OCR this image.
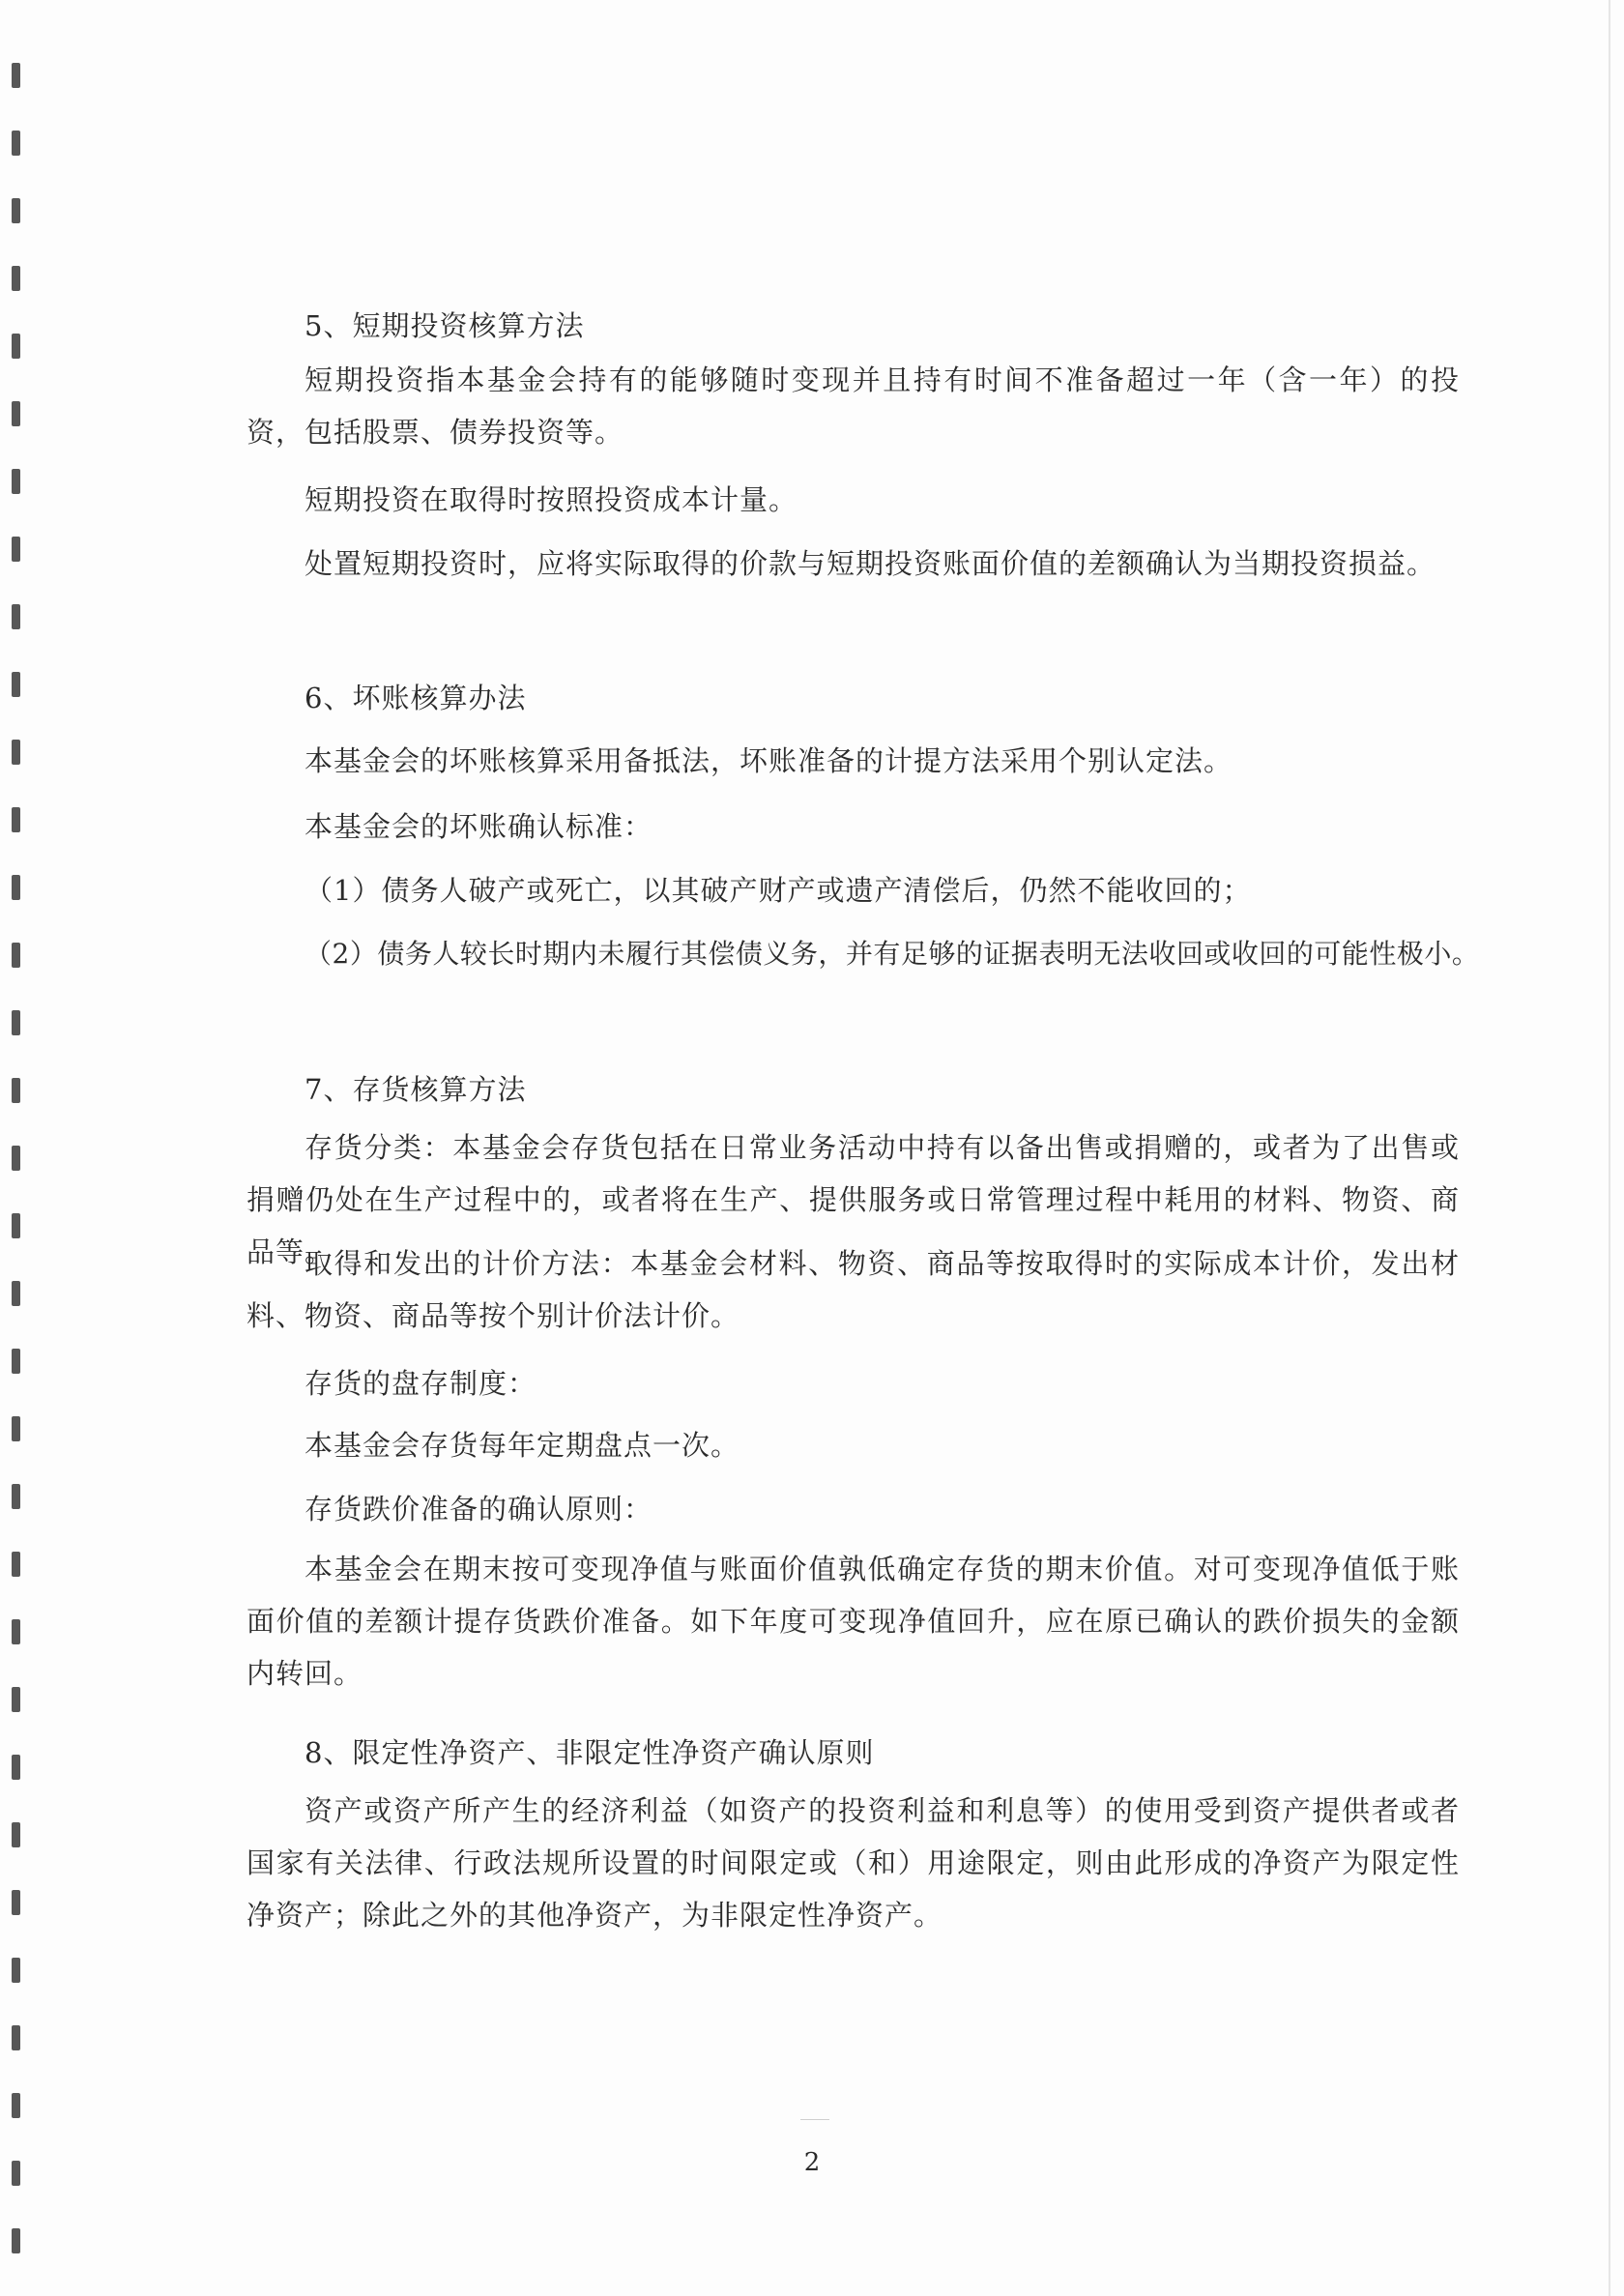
5、短期投资核算方法

短期投资指本基金会持有的能够随时变现并且持有时间不准备超过一年（含一年）的投资，包括股票、债券投资等。

短期投资在取得时按照投资成本计量。

处置短期投资时，应将实际取得的价款与短期投资账面价值的差额确认为当期投资损益。

6、坏账核算办法

本基金会的坏账核算采用备抵法，坏账准备的计提方法采用个别认定法。

本基金会的坏账确认标准：

（1）债务人破产或死亡，以其破产财产或遗产清偿后，仍然不能收回的；

（2）债务人较长时期内未履行其偿债义务，并有足够的证据表明无法收回或收回的可能性极小。

7、存货核算方法

存货分类：本基金会存货包括在日常业务活动中持有以备出售或捐赠的，或者为了出售或捐赠仍处在生产过程中的，或者将在生产、提供服务或日常管理过程中耗用的材料、物资、商品等。

取得和发出的计价方法：本基金会材料、物资、商品等按取得时的实际成本计价，发出材料、物资、商品等按个别计价法计价。

存货的盘存制度：

本基金会存货每年定期盘点一次。

存货跌价准备的确认原则：

本基金会在期末按可变现净值与账面价值孰低确定存货的期末价值。对可变现净值低于账面价值的差额计提存货跌价准备。如下年度可变现净值回升，应在原已确认的跌价损失的金额内转回。

8、限定性净资产、非限定性净资产确认原则

资产或资产所产生的经济利益（如资产的投资利益和利息等）的使用受到资产提供者或者国家有关法律、行政法规所设置的时间限定或（和）用途限定，则由此形成的净资产为限定性净资产；除此之外的其他净资产，为非限定性净资产。

2
